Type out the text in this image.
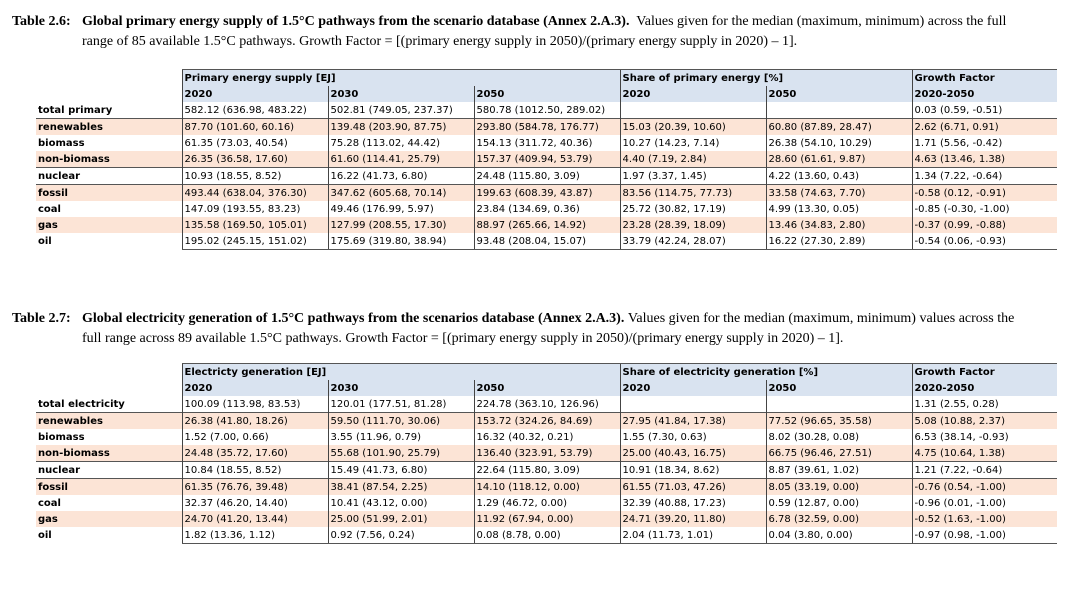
Table 2.6: Global primary energy supply of 1.5°C pathways from the scenario database (Annex 2.A.3). Values given for the median (maximum, minimum) across the full
range of 85 available 1.5°C pathways. Growth Factor = [(primary energy supply in 2050)/(primary energy supply in 2020) – 1].
	Primary energy supply [EJ]			Share of primary energy [%]		Growth Factor
	2020	2030	2050	2020	2050	2020-2050
total primary	582.12 (636.98, 483.22)	502.81 (749.05, 237.37)	580.78 (1012.50, 289.02)			0.03 (0.59, -0.51)
renewables	87.70 (101.60, 60.16)	139.48 (203.90, 87.75)	293.80 (584.78, 176.77)	15.03 (20.39, 10.60)	60.80 (87.89, 28.47)	2.62 (6.71, 0.91)
biomass	61.35 (73.03, 40.54)	75.28 (113.02, 44.42)	154.13 (311.72, 40.36)	10.27 (14.23, 7.14)	26.38 (54.10, 10.29)	1.71 (5.56, -0.42)
non-biomass	26.35 (36.58, 17.60)	61.60 (114.41, 25.79)	157.37 (409.94, 53.79)	4.40 (7.19, 2.84)	28.60 (61.61, 9.87)	4.63 (13.46, 1.38)
nuclear	10.93 (18.55, 8.52)	16.22 (41.73, 6.80)	24.48 (115.80, 3.09)	1.97 (3.37, 1.45)	4.22 (13.60, 0.43)	1.34 (7.22, -0.64)
fossil	493.44 (638.04, 376.30)	347.62 (605.68, 70.14)	199.63 (608.39, 43.87)	83.56 (114.75, 77.73)	33.58 (74.63, 7.70)	-0.58 (0.12, -0.91)
coal	147.09 (193.55, 83.23)	49.46 (176.99, 5.97)	23.84 (134.69, 0.36)	25.72 (30.82, 17.19)	4.99 (13.30, 0.05)	-0.85 (-0.30, -1.00)
gas	135.58 (169.50, 105.01)	127.99 (208.55, 17.30)	88.97 (265.66, 14.92)	23.28 (28.39, 18.09)	13.46 (34.83, 2.80)	-0.37 (0.99, -0.88)
oil	195.02 (245.15, 151.02)	175.69 (319.80, 38.94)	93.48 (208.04, 15.07)	33.79 (42.24, 28.07)	16.22 (27.30, 2.89)	-0.54 (0.06, -0.93)
Table 2.7: Global electricity generation of 1.5°C pathways from the scenarios database (Annex 2.A.3). Values given for the median (maximum, minimum) values across the
full range across 89 available 1.5°C pathways. Growth Factor = [(primary energy supply in 2050)/(primary energy supply in 2020) – 1].
	Electricty generation [EJ]			Share of electricity generation [%]		Growth Factor
	2020	2030	2050	2020	2050	2020-2050
total electricity	100.09 (113.98, 83.53)	120.01 (177.51, 81.28)	224.78 (363.10, 126.96)			1.31 (2.55, 0.28)
renewables	26.38 (41.80, 18.26)	59.50 (111.70, 30.06)	153.72 (324.26, 84.69)	27.95 (41.84, 17.38)	77.52 (96.65, 35.58)	5.08 (10.88, 2.37)
biomass	1.52 (7.00, 0.66)	3.55 (11.96, 0.79)	16.32 (40.32, 0.21)	1.55 (7.30, 0.63)	8.02 (30.28, 0.08)	6.53 (38.14, -0.93)
non-biomass	24.48 (35.72, 17.60)	55.68 (101.90, 25.79)	136.40 (323.91, 53.79)	25.00 (40.43, 16.75)	66.75 (96.46, 27.51)	4.75 (10.64, 1.38)
nuclear	10.84 (18.55, 8.52)	15.49 (41.73, 6.80)	22.64 (115.80, 3.09)	10.91 (18.34, 8.62)	8.87 (39.61, 1.02)	1.21 (7.22, -0.64)
fossil	61.35 (76.76, 39.48)	38.41 (87.54, 2.25)	14.10 (118.12, 0.00)	61.55 (71.03, 47.26)	8.05 (33.19, 0.00)	-0.76 (0.54, -1.00)
coal	32.37 (46.20, 14.40)	10.41 (43.12, 0.00)	1.29 (46.72, 0.00)	32.39 (40.88, 17.23)	0.59 (12.87, 0.00)	-0.96 (0.01, -1.00)
gas	24.70 (41.20, 13.44)	25.00 (51.99, 2.01)	11.92 (67.94, 0.00)	24.71 (39.20, 11.80)	6.78 (32.59, 0.00)	-0.52 (1.63, -1.00)
oil	1.82 (13.36, 1.12)	0.92 (7.56, 0.24)	0.08 (8.78, 0.00)	2.04 (11.73, 1.01)	0.04 (3.80, 0.00)	-0.97 (0.98, -1.00)
